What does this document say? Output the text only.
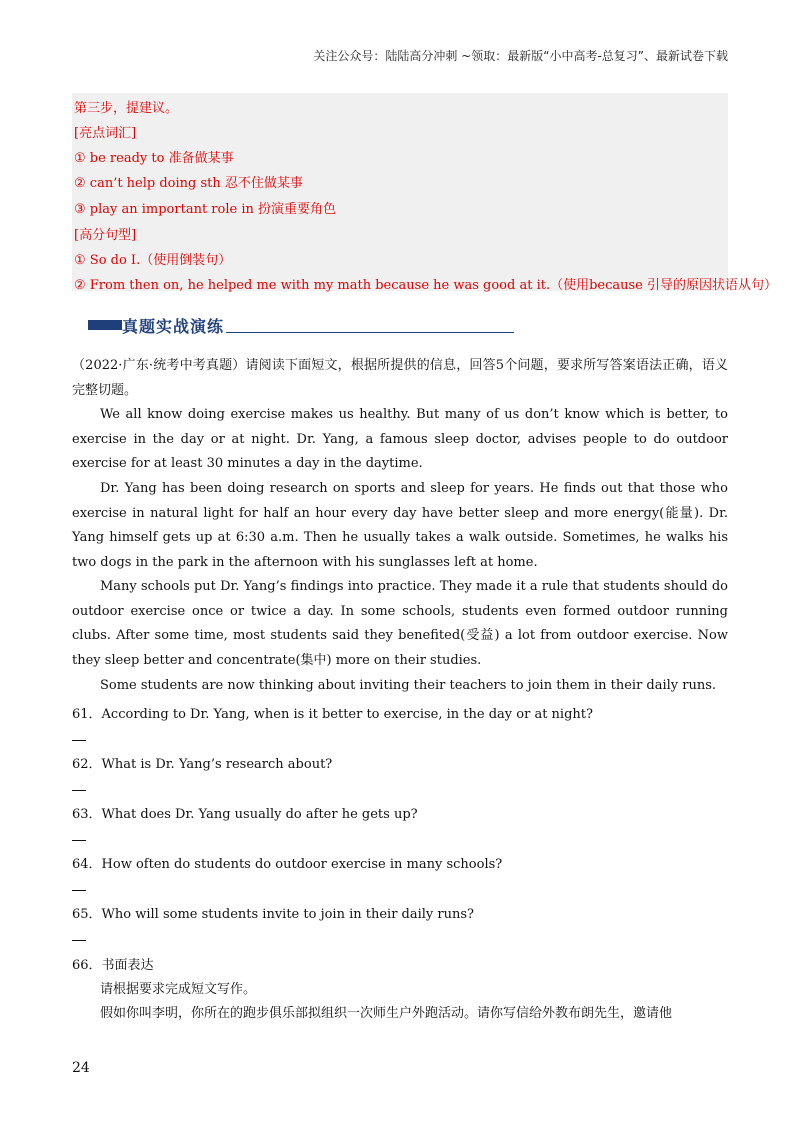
关注公众号：陆陆高分冲刺 ~领取：最新版“小中高考-总复习”、最新试卷下载
第三步，提建议。
[亮点词汇]
① be ready to 准备做某事
② can’t help doing sth 忍不住做某事
③ play an important role in 扮演重要角色
[高分句型]
① So do I.（使用倒装句）
② From then on, he helped me with my math because he was good at it.（使用because 引导的原因状语从句）
真题实战演练

（2022·广东·统考中考真题）请阅读下面短文，根据所提供的信息，回答5个问题，要求所写答案语法正确，语义完整切题。

We all know doing exercise makes us healthy. But many of us don’t know which is better, to exercise in the day or at night. Dr. Yang, a famous sleep doctor, advises people to do outdoor exercise for at least 30 minutes a day in the daytime.

Dr. Yang has been doing research on sports and sleep for years. He finds out that those who exercise in natural light for half an hour every day have better sleep and more energy(能量). Dr. Yang himself gets up at 6:30 a.m. Then he usually takes a walk outside. Sometimes, he walks his two dogs in the park in the afternoon with his sunglasses left at home.

Many schools put Dr. Yang’s findings into practice. They made it a rule that students should do outdoor exercise once or twice a day. In some schools, students even formed outdoor running clubs. After some time, most students said they benefited(受益) a lot from outdoor exercise. Now they sleep better and concentrate(集中) more on their studies.

Some students are now thinking about inviting their teachers to join them in their daily runs.

61．According to Dr. Yang, when is it better to exercise, in the day or at night?
62．What is Dr. Yang’s research about?
63．What does Dr. Yang usually do after he gets up?
64．How often do students do outdoor exercise in many schools?
65．Who will some students invite to join in their daily runs?
66．书面表达
请根据要求完成短文写作。
假如你叫李明，你所在的跑步俱乐部拟组织一次师生户外跑活动。请你写信给外教布朗先生，邀请他
24
